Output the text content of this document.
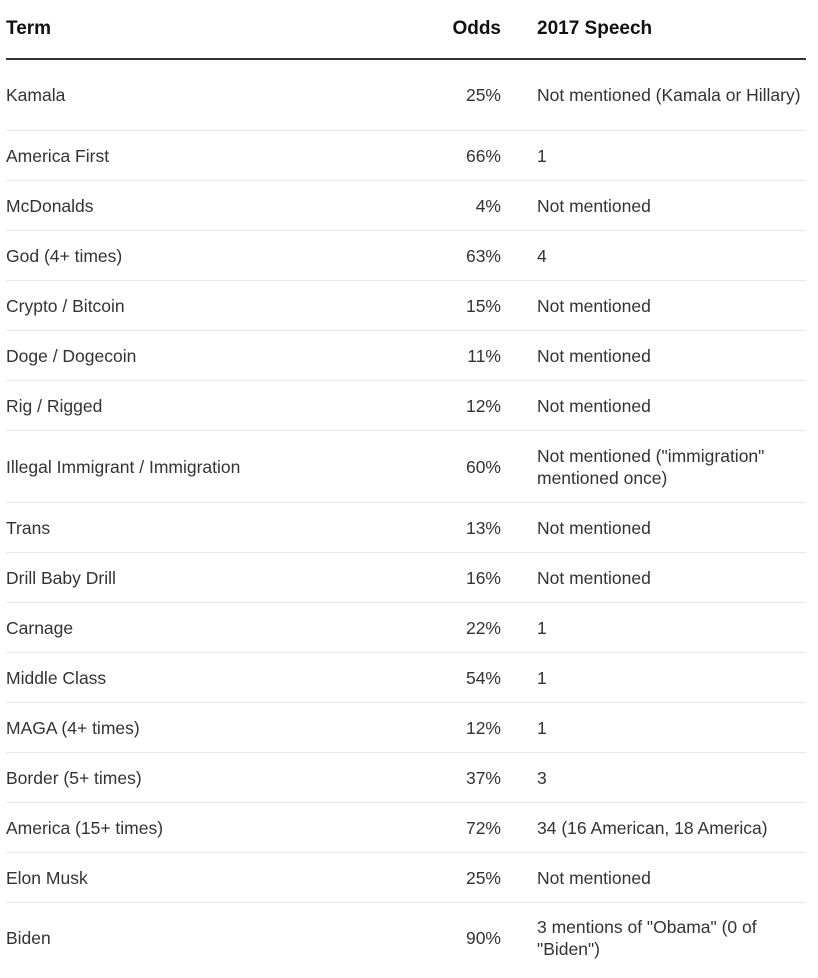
Term	Odds	2017 Speech
Kamala	25%	Not mentioned (Kamala or Hillary)
America First	66%	1
McDonalds	4%	Not mentioned
God (4+ times)	63%	4
Crypto / Bitcoin	15%	Not mentioned
Doge / Dogecoin	11%	Not mentioned
Rig / Rigged	12%	Not mentioned
Illegal Immigrant / Immigration	60%	Not mentioned ("immigration" mentioned once)
Trans	13%	Not mentioned
Drill Baby Drill	16%	Not mentioned
Carnage	22%	1
Middle Class	54%	1
MAGA (4+ times)	12%	1
Border (5+ times)	37%	3
America (15+ times)	72%	34 (16 American, 18 America)
Elon Musk	25%	Not mentioned
Biden	90%	3 mentions of "Obama" (0 of "Biden")
